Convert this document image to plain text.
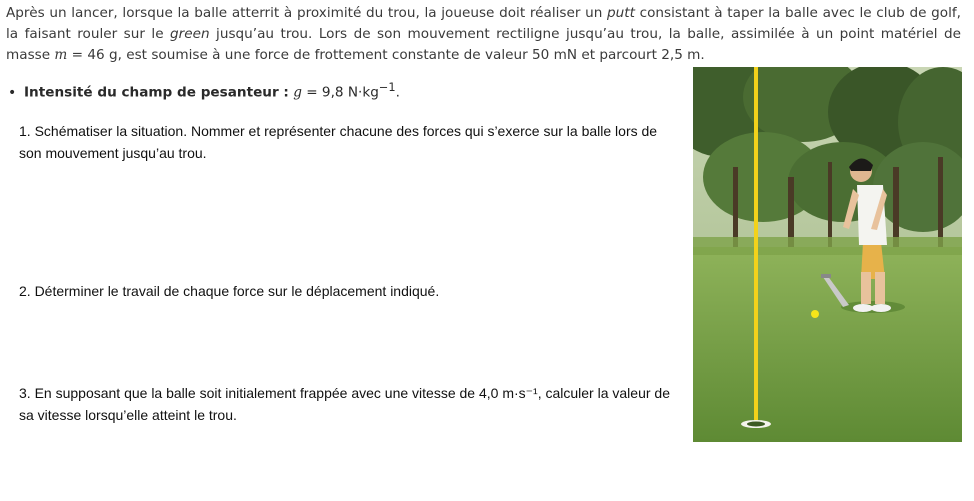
Après un lancer, lorsque la balle atterrit à proximité du trou, la joueuse doit réaliser un putt consistant à taper la balle avec le club de golf, la faisant rouler sur le green jusqu’au trou. Lors de son mouvement rectiligne jusqu’au trou, la balle, assimilée à un point matériel de masse m = 46 g, est soumise à une force de frottement constante de valeur 50 mN et parcourt 2,5 m.

• Intensité du champ de pesanteur : g = 9,8 $N\cdot kg^{-1}$.

1. Schématiser la situation. Nommer et représenter chacune des forces qui s’exerce sur la balle lors de son mouvement jusqu’au trou.

2. Déterminer le travail de chaque force sur le déplacement indiqué.

3. En supposant que la balle soit initialement frappée avec une vitesse de 4,0 m·s⁻¹, calculer la valeur de sa vitesse lorsqu’elle atteint le trou.
